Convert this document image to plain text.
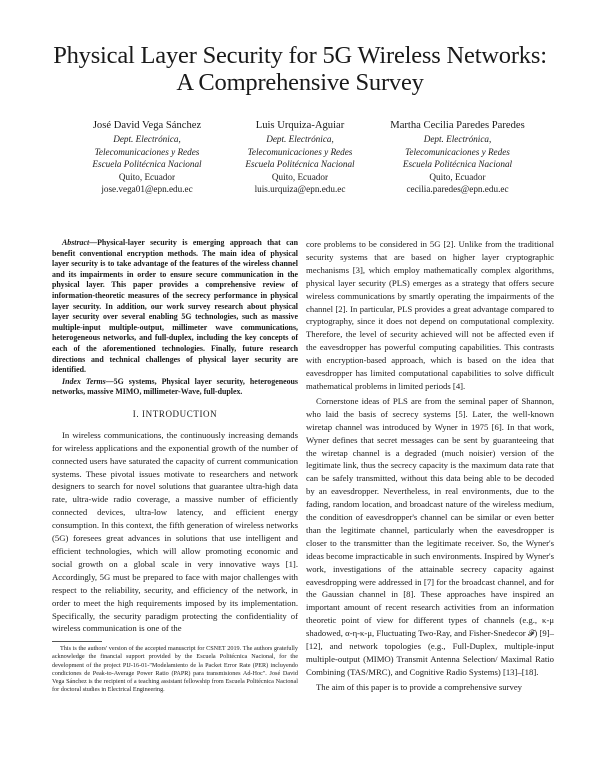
Physical Layer Security for 5G Wireless Networks:
A Comprehensive Survey
José David Vega Sánchez
Dept. Electrónica,
Telecomunicaciones y Redes
Escuela Politécnica Nacional
Quito, Ecuador
jose.vega01@epn.edu.ec
Luis Urquiza-Aguiar
Dept. Electrónica,
Telecomunicaciones y Redes
Escuela Politécnica Nacional
Quito, Ecuador
luis.urquiza@epn.edu.ec
Martha Cecilia Paredes Paredes
Dept. Electrónica,
Telecomunicaciones y Redes
Escuela Politécnica Nacional
Quito, Ecuador
cecilia.paredes@epn.edu.ec

Abstract—Physical-layer security is emerging approach that can benefit conventional encryption methods. The main idea of physical layer security is to take advantage of the features of the wireless channel and its impairments in order to ensure secure communication in the physical layer. This paper provides a comprehensive review of information-theoretic measures of the secrecy performance in physical layer security. In addition, our work survey research about physical layer security over several enabling 5G technologies, such as massive multiple-input multiple-output, millimeter wave communications, heterogeneous networks, and full-duplex, including the key concepts of each of the aforementioned technologies. Finally, future research directions and technical challenges of physical layer security are identified.

Index Terms—5G systems, Physical layer security, heterogeneous networks, massive MIMO, millimeter-Wave, full-duplex.

I. INTRODUCTION

In wireless communications, the continuously increasing demands for wireless applications and the exponential growth of the number of connected users have saturated the capacity of current communication systems. These pivotal issues motivate to researchers and network designers to search for novel solutions that guarantee ultra-high data rate, ultra-wide radio coverage, a massive number of efficiently connected devices, ultra-low latency, and efficient energy consumption. In this context, the fifth generation of wireless networks (5G) foresees great advances in solutions that use intelligent and efficient technologies, which will allow promoting economic and social growth on a global scale in very innovative ways [1]. Accordingly, 5G must be prepared to face with major challenges with respect to the reliability, security, and efficiency of the network, in order to meet the high requirements imposed by its implementation. Specifically, the security paradigm protecting the confidentiality of wireless communication is one of the

This is the authors' version of the accepted manuscript for CSNET 2019. The authors gratefully acknowledge the financial support provided by the Escuela Politécnica Nacional, for the development of the project PIJ-16-01-"Modelamiento de la Packet Error Rate (PER) incluyendo condiciones de Peak-to-Average Power Ratio (PAPR) para transmisiones Ad-Hoc". José David Vega Sánchez is the recipient of a teaching assistant fellowship from Escuela Politécnica Nacional for doctoral studies in Electrical Engineering.

core problems to be considered in 5G [2]. Unlike from the traditional security systems that are based on higher layer cryptographic mechanisms [3], which employ mathematically complex algorithms, physical layer security (PLS) emerges as a strategy that offers secure wireless communications by smartly operating the impairments of the channel [2]. In particular, PLS provides a great advantage compared to cryptography, since it does not depend on computational complexity. Therefore, the level of security achieved will not be affected even if the eavesdropper has powerful computing capabilities. This contrasts with encryption-based approach, which is based on the idea that eavesdropper has limited computational capabilities to solve difficult mathematical problems in limited periods [4].

Cornerstone ideas of PLS are from the seminal paper of Shannon, who laid the basis of secrecy systems [5]. Later, the well-known wiretap channel was introduced by Wyner in 1975 [6]. In that work, Wyner defines that secret messages can be sent by guaranteeing that the wiretap channel is a degraded (much noisier) version of the legitimate link, thus the secrecy capacity is the maximum data rate that can be safely transmitted, without this data being able to be decoded by an eavesdropper. Nevertheless, in real environments, due to the fading, random location, and broadcast nature of the wireless medium, the condition of eavesdropper's channel can be similar or even better than the legitimate channel, particularly when the eavesdropper is closer to the transmitter than the legitimate receiver. So, the Wyner's ideas become impracticable in such environments. Inspired by Wyner's work, investigations of the attainable secrecy capacity against eavesdropping were addressed in [7] for the broadcast channel, and for the Gaussian channel in [8]. These approaches have inspired an important amount of recent research activities from an information theoretic point of view for different types of channels (e.g., κ-μ shadowed, α-η-κ-μ, Fluctuating Two-Ray, and Fisher-Snedecor 𝓕) [9]–[12], and network topologies (e.g., Full-Duplex, multiple-input multiple-output (MIMO) Transmit Antenna Selection/ Maximal Ratio Combining (TAS/MRC), and Cognitive Radio Systems) [13]–[18].

The aim of this paper is to provide a comprehensive survey
